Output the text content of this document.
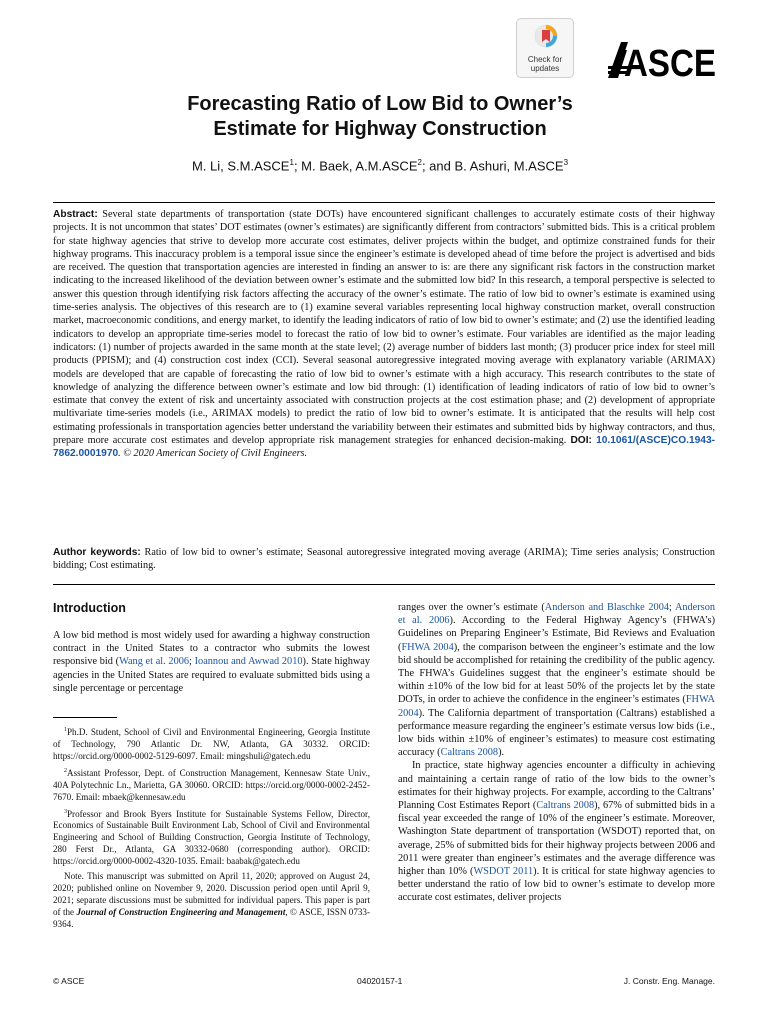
Check for
updates	ASCE
Forecasting Ratio of Low Bid to Owner’s
Estimate for Highway Construction
M. Li, S.M.ASCE$^1$; M. Baek, A.M.ASCE$^2$; and B. Ashuri, M.ASCE$^3$

Abstract: Several state departments of transportation (state DOTs) have encountered significant challenges to accurately estimate costs of their highway projects. It is not uncommon that states’ DOT estimates (owner’s estimates) are significantly different from contractors’ submitted bids. This is a critical problem for state highway agencies that strive to develop more accurate cost estimates, deliver projects within the budget, and optimize constrained funds for their highway programs. This inaccuracy problem is a temporal issue since the engineer’s estimate is developed ahead of time before the project is advertised and bids are received. The question that transportation agencies are interested in finding an answer to is: are there any significant risk factors in the construction market indicating to the increased likelihood of the deviation between owner’s estimate and the submitted low bid? In this research, a temporal perspective is selected to answer this question through identifying risk factors affecting the accuracy of the owner’s estimate. The ratio of low bid to owner’s estimate is examined using time-series analysis. The objectives of this research are to (1) examine several variables representing local highway construction market, overall construction market, macroeconomic conditions, and energy market, to identify the leading indicators of ratio of low bid to owner’s estimate; and (2) use the identified leading indicators to develop an appropriate time-series model to forecast the ratio of low bid to owner’s estimate. Four variables are identified as the major leading indicators: (1) number of projects awarded in the same month at the state level; (2) average number of bidders last month; (3) producer price index for steel mill products (PPISM); and (4) construction cost index (CCI). Several seasonal autoregressive integrated moving average with explanatory variable (ARIMAX) models are developed that are capable of forecasting the ratio of low bid to owner’s estimate with a high accuracy. This research contributes to the state of knowledge of analyzing the difference between owner’s estimate and low bid through: (1) identification of leading indicators of ratio of low bid to owner’s estimate that convey the extent of risk and uncertainty associated with construction projects at the cost estimation phase; and (2) development of appropriate multivariate time-series models (i.e., ARIMAX models) to predict the ratio of low bid to owner’s estimate. It is anticipated that the results will help cost estimating professionals in transportation agencies better understand the variability between their estimates and submitted bids by highway contractors, and thus, prepare more accurate cost estimates and develop appropriate risk management strategies for enhanced decision-making. DOI: 10.1061/(ASCE)CO.1943-7862.0001970. © 2020 American Society of Civil Engineers.

Author keywords: Ratio of low bid to owner’s estimate; Seasonal autoregressive integrated moving average (ARIMA); Time series analysis; Construction bidding; Cost estimating.

Introduction

A low bid method is most widely used for awarding a highway construction contract in the United States to a contractor who submits the lowest responsive bid (Wang et al. 2006; Ioannou and Awwad 2010). State highway agencies in the United States are required to evaluate submitted bids using a single percentage or percentage

$^1$Ph.D. Student, School of Civil and Environmental Engineering, Georgia Institute of Technology, 790 Atlantic Dr. NW, Atlanta, GA 30332. ORCID: https://orcid.org/0000-0002-5129-6097. Email: mingshuli@gatech.edu

$^2$Assistant Professor, Dept. of Construction Management, Kennesaw State Univ., 40A Polytechnic Ln., Marietta, GA 30060. ORCID: https://orcid.org/0000-0002-2452-7670. Email: mbaek@kennesaw.edu

$^3$Professor and Brook Byers Institute for Sustainable Systems Fellow, Director, Economics of Sustainable Built Environment Lab, School of Civil and Environmental Engineering and School of Building Construction, Georgia Institute of Technology, 280 Ferst Dr., Atlanta, GA 30332-0680 (corresponding author). ORCID: https://orcid.org/0000-0002-4320-1035. Email: baabak@gatech.edu

Note. This manuscript was submitted on April 11, 2020; approved on August 24, 2020; published online on November 9, 2020. Discussion period open until April 9, 2021; separate discussions must be submitted for individual papers. This paper is part of the Journal of Construction Engineering and Management, © ASCE, ISSN 0733-9364.

ranges over the owner’s estimate (Anderson and Blaschke 2004; Anderson et al. 2006). According to the Federal Highway Agency’s (FHWA’s) Guidelines on Preparing Engineer’s Estimate, Bid Reviews and Evaluation (FHWA 2004), the comparison between the engineer’s estimate and the low bid should be accomplished for retaining the credibility of the public agency. The FHWA’s Guidelines suggest that the engineer’s estimate should be within ±10% of the low bid for at least 50% of the projects let by the state DOTs, in order to achieve the confidence in the engineer’s estimates (FHWA 2004). The California department of transportation (Caltrans) established a performance measure regarding the engineer’s estimate versus low bids (i.e., low bids within ±10% of engineer’s estimates) to measure cost estimating accuracy (Caltrans 2008).

In practice, state highway agencies encounter a difficulty in achieving and maintaining a certain range of ratio of the low bids to the owner’s estimates for their highway projects. For example, according to the Caltrans’ Planning Cost Estimates Report (Caltrans 2008), 67% of submitted bids in a fiscal year exceeded the range of 10% of the engineer’s estimate. Moreover, Washington State department of transportation (WSDOT) reported that, on average, 25% of submitted bids for their highway projects between 2006 and 2011 were greater than engineer’s estimates and the average difference was higher than 10% (WSDOT 2011). It is critical for state highway agencies to better understand the ratio of low bid to owner’s estimate to develop more accurate cost estimates, deliver projects

© ASCE	04020157-1	J. Constr. Eng. Manage.
